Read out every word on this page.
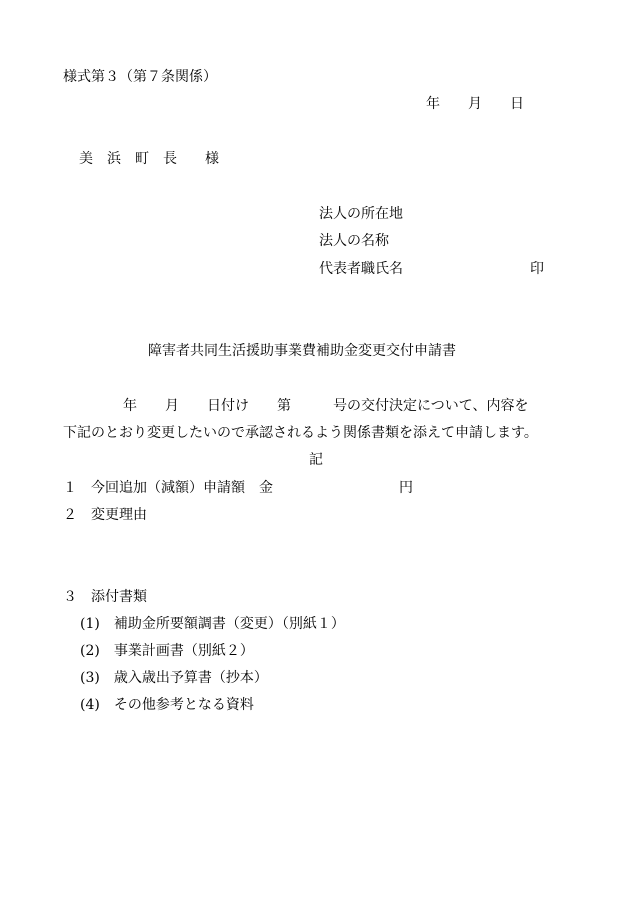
様式第３（第７条関係）
年　　月　　日
美　浜　町　長　　様
法人の所在地
法人の名称
代表者職氏名	印
障害者共同生活援助事業費補助金変更交付申請書
年　　月　　日付け　　第　　　号の交付決定について、内容を
下記のとおり変更したいので承認されるよう関係書類を添えて申請します。
記
１　今回追加（減額）申請額　金　　　　　　　　　円
２　変更理由
３　添付書類
(1)　補助金所要額調書（変更）（別紙１）
(2)　事業計画書（別紙２）
(3)　歳入歳出予算書（抄本）
(4)　その他参考となる資料
